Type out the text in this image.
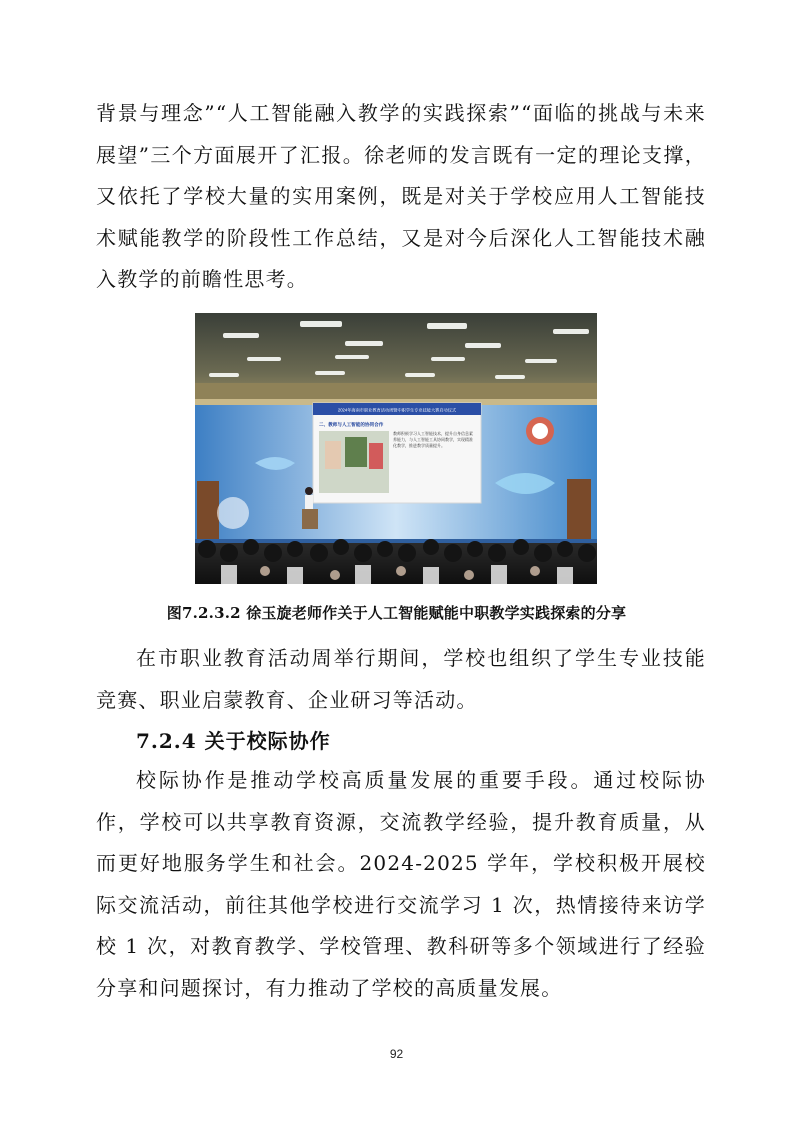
背景与理念”“人工智能融入教学的实践探索”“面临的挑战与未来展望”三个方面展开了汇报。徐老师的发言既有一定的理论支撑，又依托了学校大量的实用案例，既是对关于学校应用人工智能技术赋能教学的阶段性工作总结，又是对今后深化人工智能技术融入教学的前瞻性思考。

2024年海南市职业教育活动周暨中职学生专业技能大赛启动仪式
二、教师与人工智能的协同合作
教师积极学习人工智能技术，提升自身信息素养能力，与人工智能工具协同教学，实现精准化教学，推进教学质量提升。

图7.2.3.2 徐玉旋老师作关于人工智能赋能中职教学实践探索的分享

在市职业教育活动周举行期间，学校也组织了学生专业技能竞赛、职业启蒙教育、企业研习等活动。

7.2.4 关于校际协作

校际协作是推动学校高质量发展的重要手段。通过校际协作，学校可以共享教育资源，交流教学经验，提升教育质量，从而更好地服务学生和社会。2024-2025 学年，学校积极开展校际交流活动，前往其他学校进行交流学习 1 次，热情接待来访学校 1 次，对教育教学、学校管理、教科研等多个领域进行了经验分享和问题探讨，有力推动了学校的高质量发展。

92
